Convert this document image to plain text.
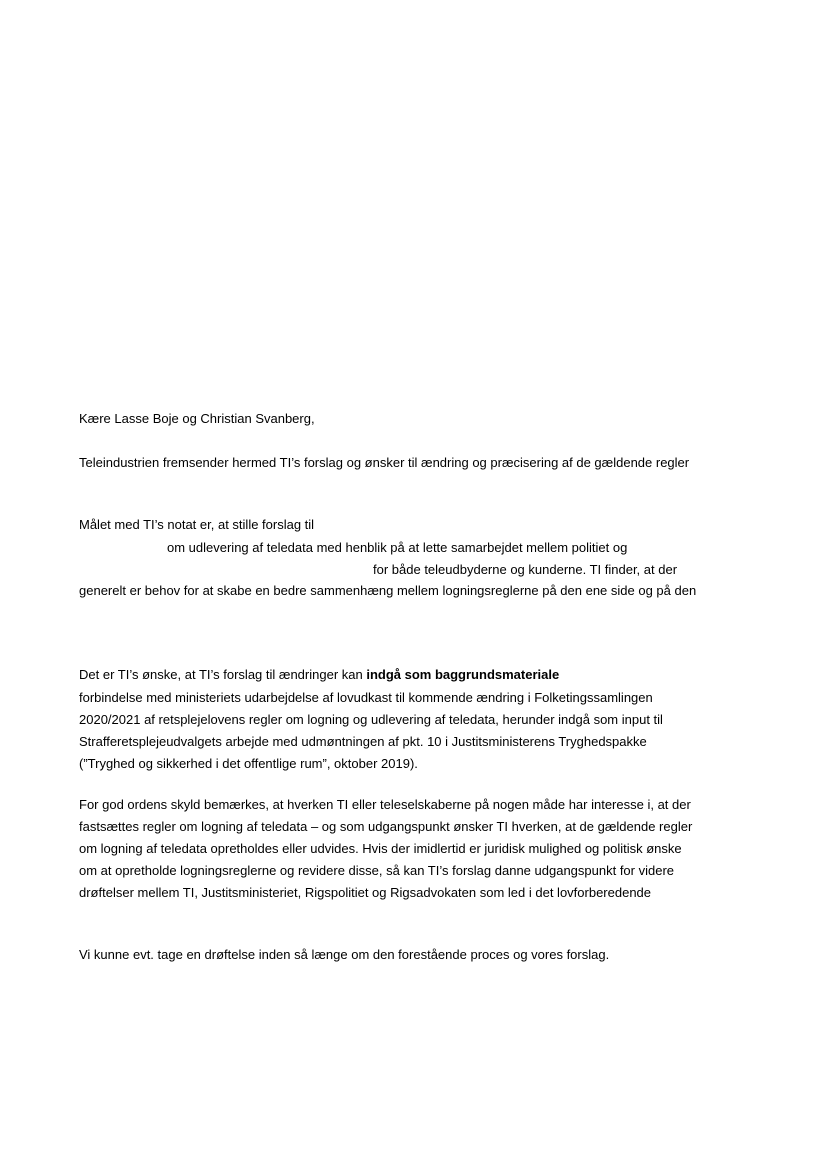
Kære Lasse Boje og Christian Svanberg,
Teleindustrien fremsender hermed TI’s forslag og ønsker til ændring og præcisering af de gældende regler
Målet med TI’s notat er, at stille forslag til
om udlevering af teledata med henblik på at lette samarbejdet mellem politiet og
for både teleudbyderne og kunderne. TI finder, at der
generelt er behov for at skabe en bedre sammenhæng mellem logningsreglerne på den ene side og på den
Det er TI’s ønske, at TI’s forslag til ændringer kan indgå som baggrundsmateriale
forbindelse med ministeriets udarbejdelse af lovudkast til kommende ændring i Folketingssamlingen
2020/2021 af retsplejelovens regler om logning og udlevering af teledata, herunder indgå som input til
Strafferetsplejeudvalgets arbejde med udmøntningen af pkt. 10 i Justitsministerens Tryghedspakke
(”Tryghed og sikkerhed i det offentlige rum”, oktober 2019).
For god ordens skyld bemærkes, at hverken TI eller teleselskaberne på nogen måde har interesse i, at der
fastsættes regler om logning af teledata – og som udgangspunkt ønsker TI hverken, at de gældende regler
om logning af teledata opretholdes eller udvides. Hvis der imidlertid er juridisk mulighed og politisk ønske
om at opretholde logningsreglerne og revidere disse, så kan TI’s forslag danne udgangspunkt for videre
drøftelser mellem TI, Justitsministeriet, Rigspolitiet og Rigsadvokaten som led i det lovforberedende
Vi kunne evt. tage en drøftelse inden så længe om den forestående proces og vores forslag.
